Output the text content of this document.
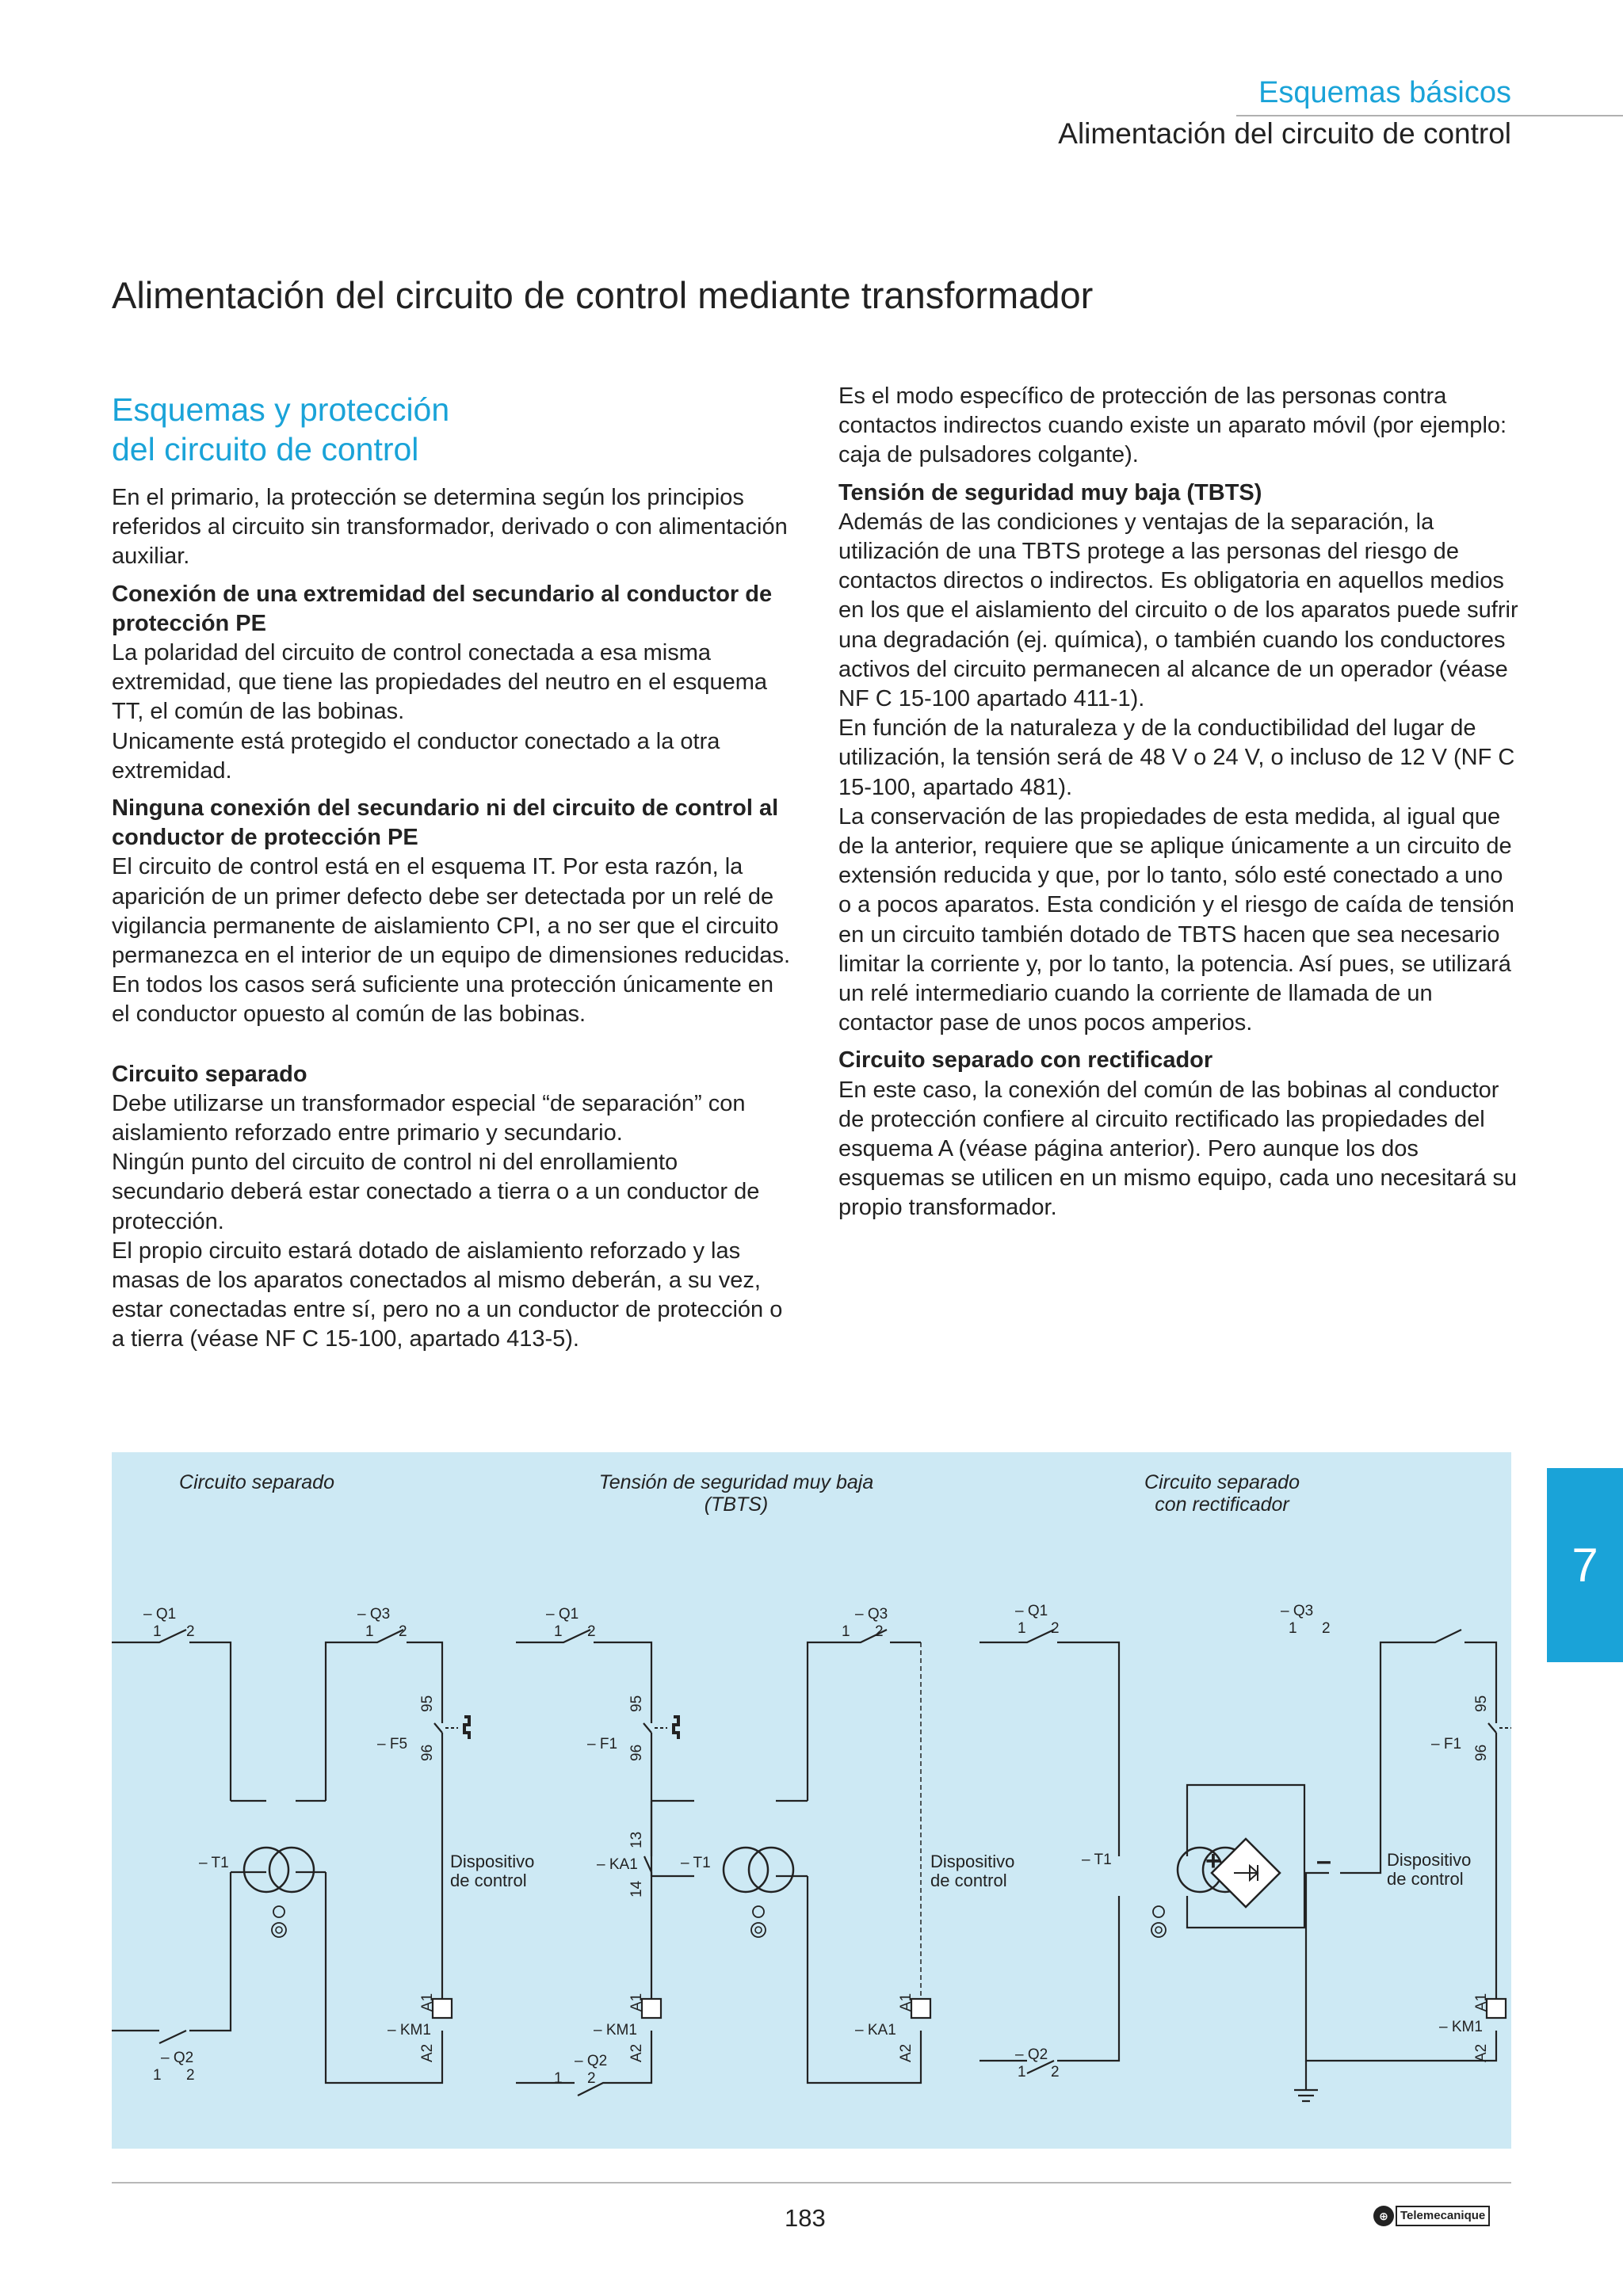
Esquemas básicos
Alimentación del circuito de control
Alimentación del circuito de control mediante transformador

Esquemas y protección
del circuito de control

En el primario, la protección se determina según los principios referidos al circuito sin transformador, derivado o con alimentación auxiliar.

Conexión de una extremidad del secundario al conductor de protección PE

La polaridad del circuito de control conectada a esa misma extremidad, que tiene las propiedades del neutro en el esquema TT, el común de las bobinas.

Unicamente está protegido el conductor conectado a la otra extremidad.

Ninguna conexión del secundario ni del circuito de control al conductor de protección PE

El circuito de control está en el esquema IT. Por esta razón, la aparición de un primer defecto debe ser detectada por un relé de vigilancia permanente de aislamiento CPI, a no ser que el circuito permanezca en el interior de un equipo de dimensiones reducidas. En todos los casos será suficiente una protección únicamente en el conductor opuesto al común de las bobinas.

Circuito separado

Debe utilizarse un transformador especial “de separación” con aislamiento reforzado entre primario y secundario.

Ningún punto del circuito de control ni del enrollamiento secundario deberá estar conectado a tierra o a un conductor de protección.

El propio circuito estará dotado de aislamiento reforzado y las masas de los aparatos conectados al mismo deberán, a su vez, estar conectadas entre sí, pero no a un conductor de protección o a tierra (véase NF C 15-100, apartado 413-5).

Es el modo específico de protección de las personas contra contactos indirectos cuando existe un aparato móvil (por ejemplo: caja de pulsadores colgante).

Tensión de seguridad muy baja (TBTS)

Además de las condiciones y ventajas de la separación, la utilización de una TBTS protege a las personas del riesgo de contactos directos o indirectos. Es obligatoria en aquellos medios en los que el aislamiento del circuito o de los aparatos puede sufrir una degradación (ej. química), o también cuando los conductores activos del circuito permanecen al alcance de un operador (véase NF C 15-100 apartado 411-1).

En función de la naturaleza y de la conductibilidad del lugar de utilización, la tensión será de 48 V o 24 V, o incluso de 12 V (NF C 15-100, apartado 481).

La conservación de las propiedades de esta medida, al igual que de la anterior, requiere que se aplique únicamente a un circuito de extensión reducida y que, por lo tanto, sólo esté conectado a uno o a pocos aparatos. Esta condición y el riesgo de caída de tensión en un circuito también dotado de TBTS hacen que sea necesario limitar la corriente y, por lo tanto, la potencia. Así pues, se utilizará un relé intermediario cuando la corriente de llamada de un contactor pase de unos pocos amperios.

Circuito separado con rectificador

En este caso, la conexión del común de las bobinas al conductor de protección confiere al circuito rectificado las propiedades del esquema A (véase página anterior). Pero aunque los dos esquemas se utilicen en un mismo equipo, cada uno necesitará su propio transformador.

Circuito separado	Tensión de seguridad muy baja
(TBTS)
Circuito separado
con rectificador
– Q1
1 2
– Q3
1 2
– F5
95
96
– T1	Dispositivo
de control
– KM1
A1
A2
– Q2
1 2
– Q1
1 2
– Q3
1 2
– F1
95
96
– KA1
13
14
– T1	Dispositivo
de control
– KM1
A1
A2
– KA1
A1
A2
– Q2
1 2
– Q1
1 2
– Q3
1 2
– F1
95
96
– T1	+	–	Dispositivo
de control
– KM1
A1
A2
– Q2
1 2
7
183	⊕	Telemecanique
